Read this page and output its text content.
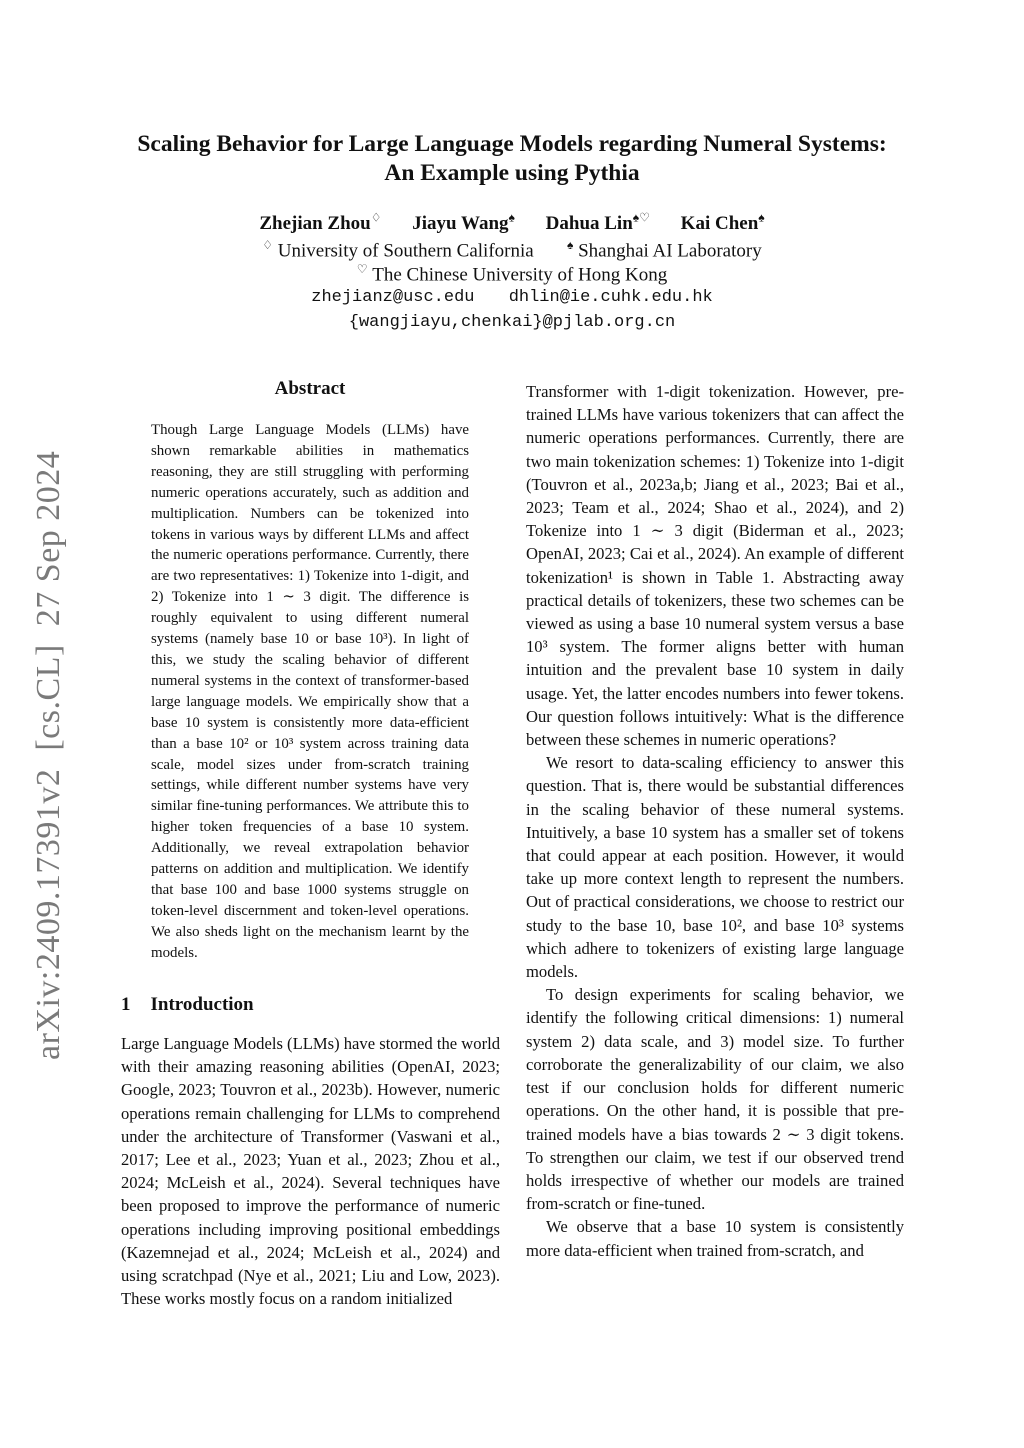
Scaling Behavior for Large Language Models regarding Numeral Systems:
An Example using Pythia
Zhejian Zhou♢ Jiayu Wang♠ Dahua Lin♠♡ Kai Chen♠
♢ University of Southern California	♠ Shanghai AI Laboratory
♡ The Chinese University of Hong Kong
zhejianz@usc.edu dhlin@ie.cuhk.edu.hk
{wangjiayu,chenkai}@pjlab.org.cn
arXiv:2409.17391v2[cs.CL]27 Sep 2024
Abstract
Though Large Language Models (LLMs) have shown remarkable abilities in mathematics reasoning, they are still struggling with performing numeric operations accurately, such as addition and multiplication. Numbers can be tokenized into tokens in various ways by different LLMs and affect the numeric operations performance. Currently, there are two representatives: 1) Tokenize into 1-digit, and 2) Tokenize into 1 ∼ 3 digit. The difference is roughly equivalent to using different numeral systems (namely base 10 or base 10³). In light of this, we study the scaling behavior of different numeral systems in the context of transformer-based large language models. We empirically show that a base 10 system is consistently more data-efficient than a base 10² or 10³ system across training data scale, model sizes under from-scratch training settings, while different number systems have very similar fine-tuning performances. We attribute this to higher token frequencies of a base 10 system. Additionally, we reveal extrapolation behavior patterns on addition and multiplication. We identify that base 100 and base 1000 systems struggle on token-level discernment and token-level operations. We also sheds light on the mechanism learnt by the models.
1 Introduction
Large Language Models (LLMs) have stormed the world with their amazing reasoning abilities (OpenAI, 2023; Google, 2023; Touvron et al., 2023b). However, numeric operations remain challenging for LLMs to comprehend under the architecture of Transformer (Vaswani et al., 2017; Lee et al., 2023; Yuan et al., 2023; Zhou et al., 2024; McLeish et al., 2024). Several techniques have been proposed to improve the performance of numeric operations including improving positional embeddings (Kazemnejad et al., 2024; McLeish et al., 2024) and using scratchpad (Nye et al., 2021; Liu and Low, 2023). These works mostly focus on a random initialized

Transformer with 1-digit tokenization. However, pre-trained LLMs have various tokenizers that can affect the numeric operations performances. Currently, there are two main tokenization schemes: 1) Tokenize into 1-digit (Touvron et al., 2023a,b; Jiang et al., 2023; Bai et al., 2023; Team et al., 2024; Shao et al., 2024), and 2) Tokenize into 1 ∼ 3 digit (Biderman et al., 2023; OpenAI, 2023; Cai et al., 2024). An example of different tokenization¹ is shown in Table 1. Abstracting away practical details of tokenizers, these two schemes can be viewed as using a base 10 numeral system versus a base 10³ system. The former aligns better with human intuition and the prevalent base 10 system in daily usage. Yet, the latter encodes numbers into fewer tokens. Our question follows intuitively: What is the difference between these schemes in numeric operations?

We resort to data-scaling efficiency to answer this question. That is, there would be substantial differences in the scaling behavior of these numeral systems. Intuitively, a base 10 system has a smaller set of tokens that could appear at each position. However, it would take up more context length to represent the numbers. Out of practical considerations, we choose to restrict our study to the base 10, base 10², and base 10³ systems which adhere to tokenizers of existing large language models.

To design experiments for scaling behavior, we identify the following critical dimensions: 1) numeral system 2) data scale, and 3) model size. To further corroborate the generalizability of our claim, we also test if our conclusion holds for different numeric operations. On the other hand, it is possible that pre-trained models have a bias towards 2 ∼ 3 digit tokens. To strengthen our claim, we test if our observed trend holds irrespective of whether our models are trained from-scratch or fine-tuned.

We observe that a base 10 system is consistently more data-efficient when trained from-scratch, and
